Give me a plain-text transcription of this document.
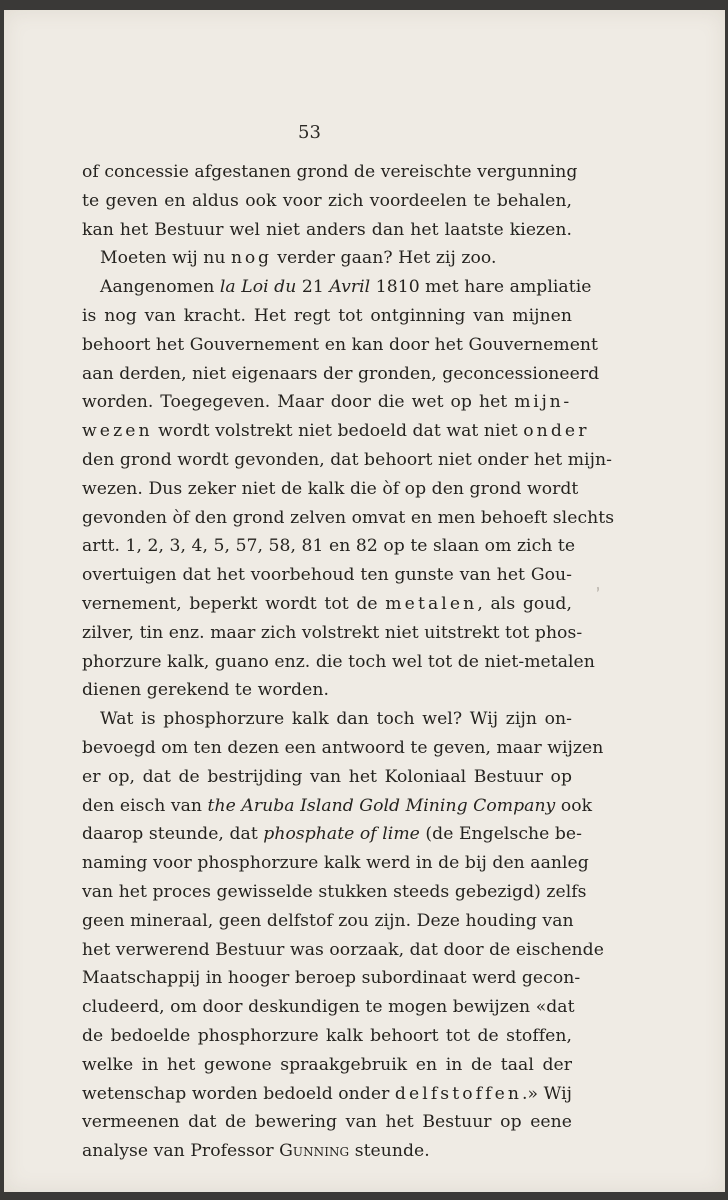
’
53
of concessie afgestanen grond de vereischte vergunning
te geven en aldus ook voor zich voordeelen te behalen,
kan het Bestuur wel niet anders dan het laatste kiezen.
Moeten wij nu nog verder gaan? Het zij zoo.
Aangenomen la Loi du 21 Avril 1810 met hare ampliatie
is nog van kracht. Het regt tot ontginning van mijnen
behoort het Gouvernement en kan door het Gouvernement
aan derden, niet eigenaars der gronden, geconcessioneerd
worden. Toegegeven. Maar door die wet op het mijn-
wezen wordt volstrekt niet bedoeld dat wat niet onder
den grond wordt gevonden, dat behoort niet onder het mijn-
wezen. Dus zeker niet de kalk die òf op den grond wordt
gevonden òf den grond zelven omvat en men behoeft slechts
artt. 1, 2, 3, 4, 5, 57, 58, 81 en 82 op te slaan om zich te
overtuigen dat het voorbehoud ten gunste van het Gou-
vernement, beperkt wordt tot de metalen, als goud,
zilver, tin enz. maar zich volstrekt niet uitstrekt tot phos-
phorzure kalk, guano enz. die toch wel tot de niet-metalen
dienen gerekend te worden.
Wat is phosphorzure kalk dan toch wel? Wij zijn on-
bevoegd om ten dezen een antwoord te geven, maar wijzen
er op, dat de bestrijding van het Koloniaal Bestuur op
den eisch van the Aruba Island Gold Mining Company ook
daarop steunde, dat phosphate of lime (de Engelsche be-
naming voor phosphorzure kalk werd in de bij den aanleg
van het proces gewisselde stukken steeds gebezigd) zelfs
geen mineraal, geen delfstof zou zijn. Deze houding van
het verwerend Bestuur was oorzaak, dat door de eischende
Maatschappij in hooger beroep subordinaat werd gecon-
cludeerd, om door deskundigen te mogen bewijzen «dat
de bedoelde phosphorzure kalk behoort tot de stoffen,
welke in het gewone spraakgebruik en in de taal der
wetenschap worden bedoeld onder delfstoffen.» Wij
vermeenen dat de bewering van het Bestuur op eene
analyse van Professor Gunning steunde.
